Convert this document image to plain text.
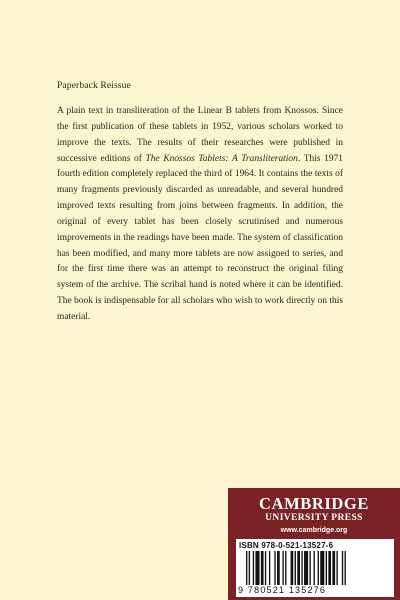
Paperback Reissue

A plain text in transliteration of the Linear B tablets from Knossos. Since the first publication of these tablets in 1952, various scholars worked to improve the texts. The results of their researches were published in successive editions of The Knossos Tablets: A Transliteration. This 1971 fourth edition completely replaced the third of 1964. It contains the texts of many fragments previously discarded as unreadable, and several hundred improved texts resulting from joins between fragments. In addition, the original of every tablet has been closely scrutinised and numerous improvements in the readings have been made. The system of classification has been modified, and many more tablets are now assigned to series, and for the first time there was an attempt to reconstruct the original filing system of the archive. The scribal hand is noted where it can be identified. The book is indispensable for all scholars who wish to work directly on this material.

CAMBRIDGE
UNIVERSITY PRESS
www.cambridge.org
ISBN 978-0-521-13527-6
9 780521 135276
